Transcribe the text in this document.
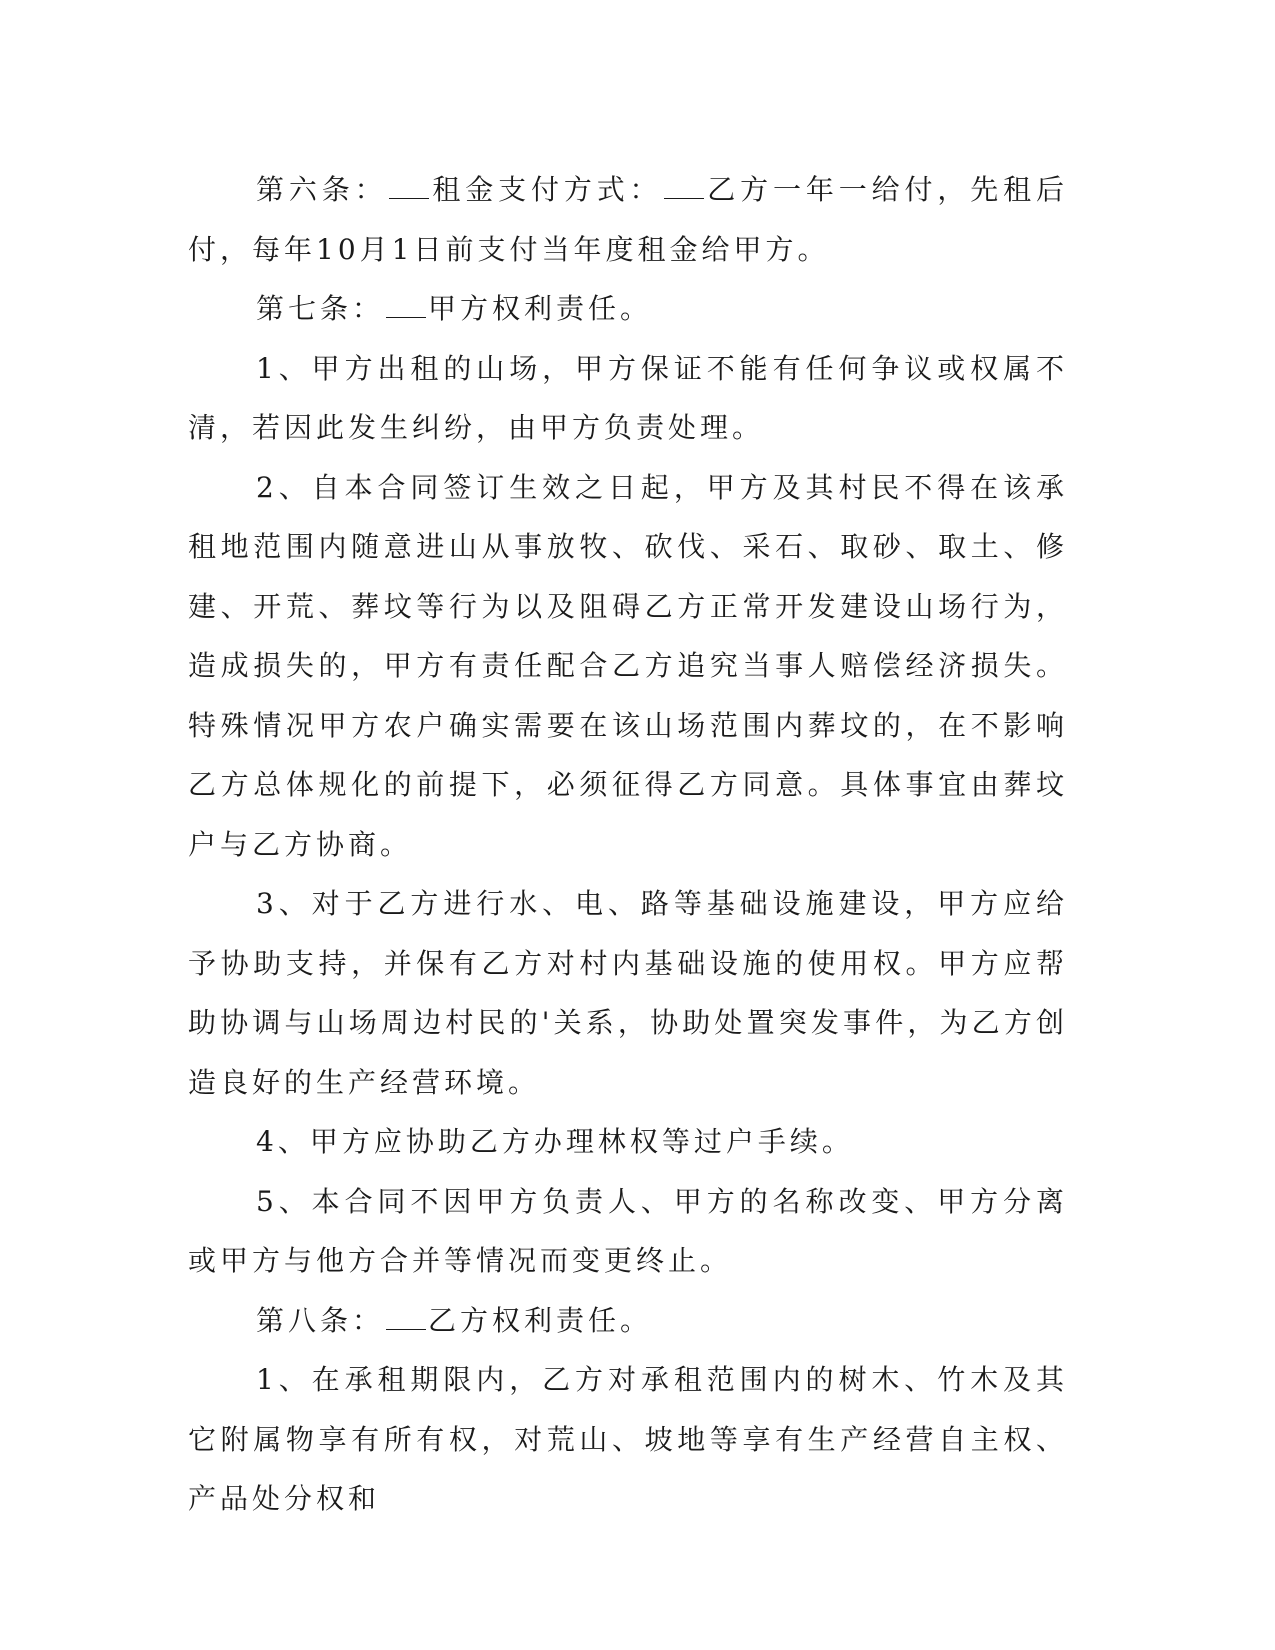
第六条： 租金支付方式： 乙方一年一给付，先租后付，每年10月1日前支付当年度租金给甲方。

第七条： 甲方权利责任。

1、甲方出租的山场，甲方保证不能有任何争议或权属不清，若因此发生纠纷，由甲方负责处理。

2、自本合同签订生效之日起，甲方及其村民不得在该承租地范围内随意进山从事放牧、砍伐、采石、取砂、取土、修建、开荒、葬坟等行为以及阻碍乙方正常开发建设山场行为，造成损失的，甲方有责任配合乙方追究当事人赔偿经济损失。特殊情况甲方农户确实需要在该山场范围内葬坟的，在不影响乙方总体规化的前提下，必须征得乙方同意。具体事宜由葬坟户与乙方协商。

3、对于乙方进行水、电、路等基础设施建设，甲方应给予协助支持，并保有乙方对村内基础设施的使用权。甲方应帮助协调与山场周边村民的'关系，协助处置突发事件，为乙方创造良好的生产经营环境。

4、甲方应协助乙方办理林权等过户手续。

5、本合同不因甲方负责人、甲方的名称改变、甲方分离或甲方与他方合并等情况而变更终止。

第八条： 乙方权利责任。

1、在承租期限内，乙方对承租范围内的树木、竹木及其它附属物享有所有权，对荒山、坡地等享有生产经营自主权、产品处分权和
